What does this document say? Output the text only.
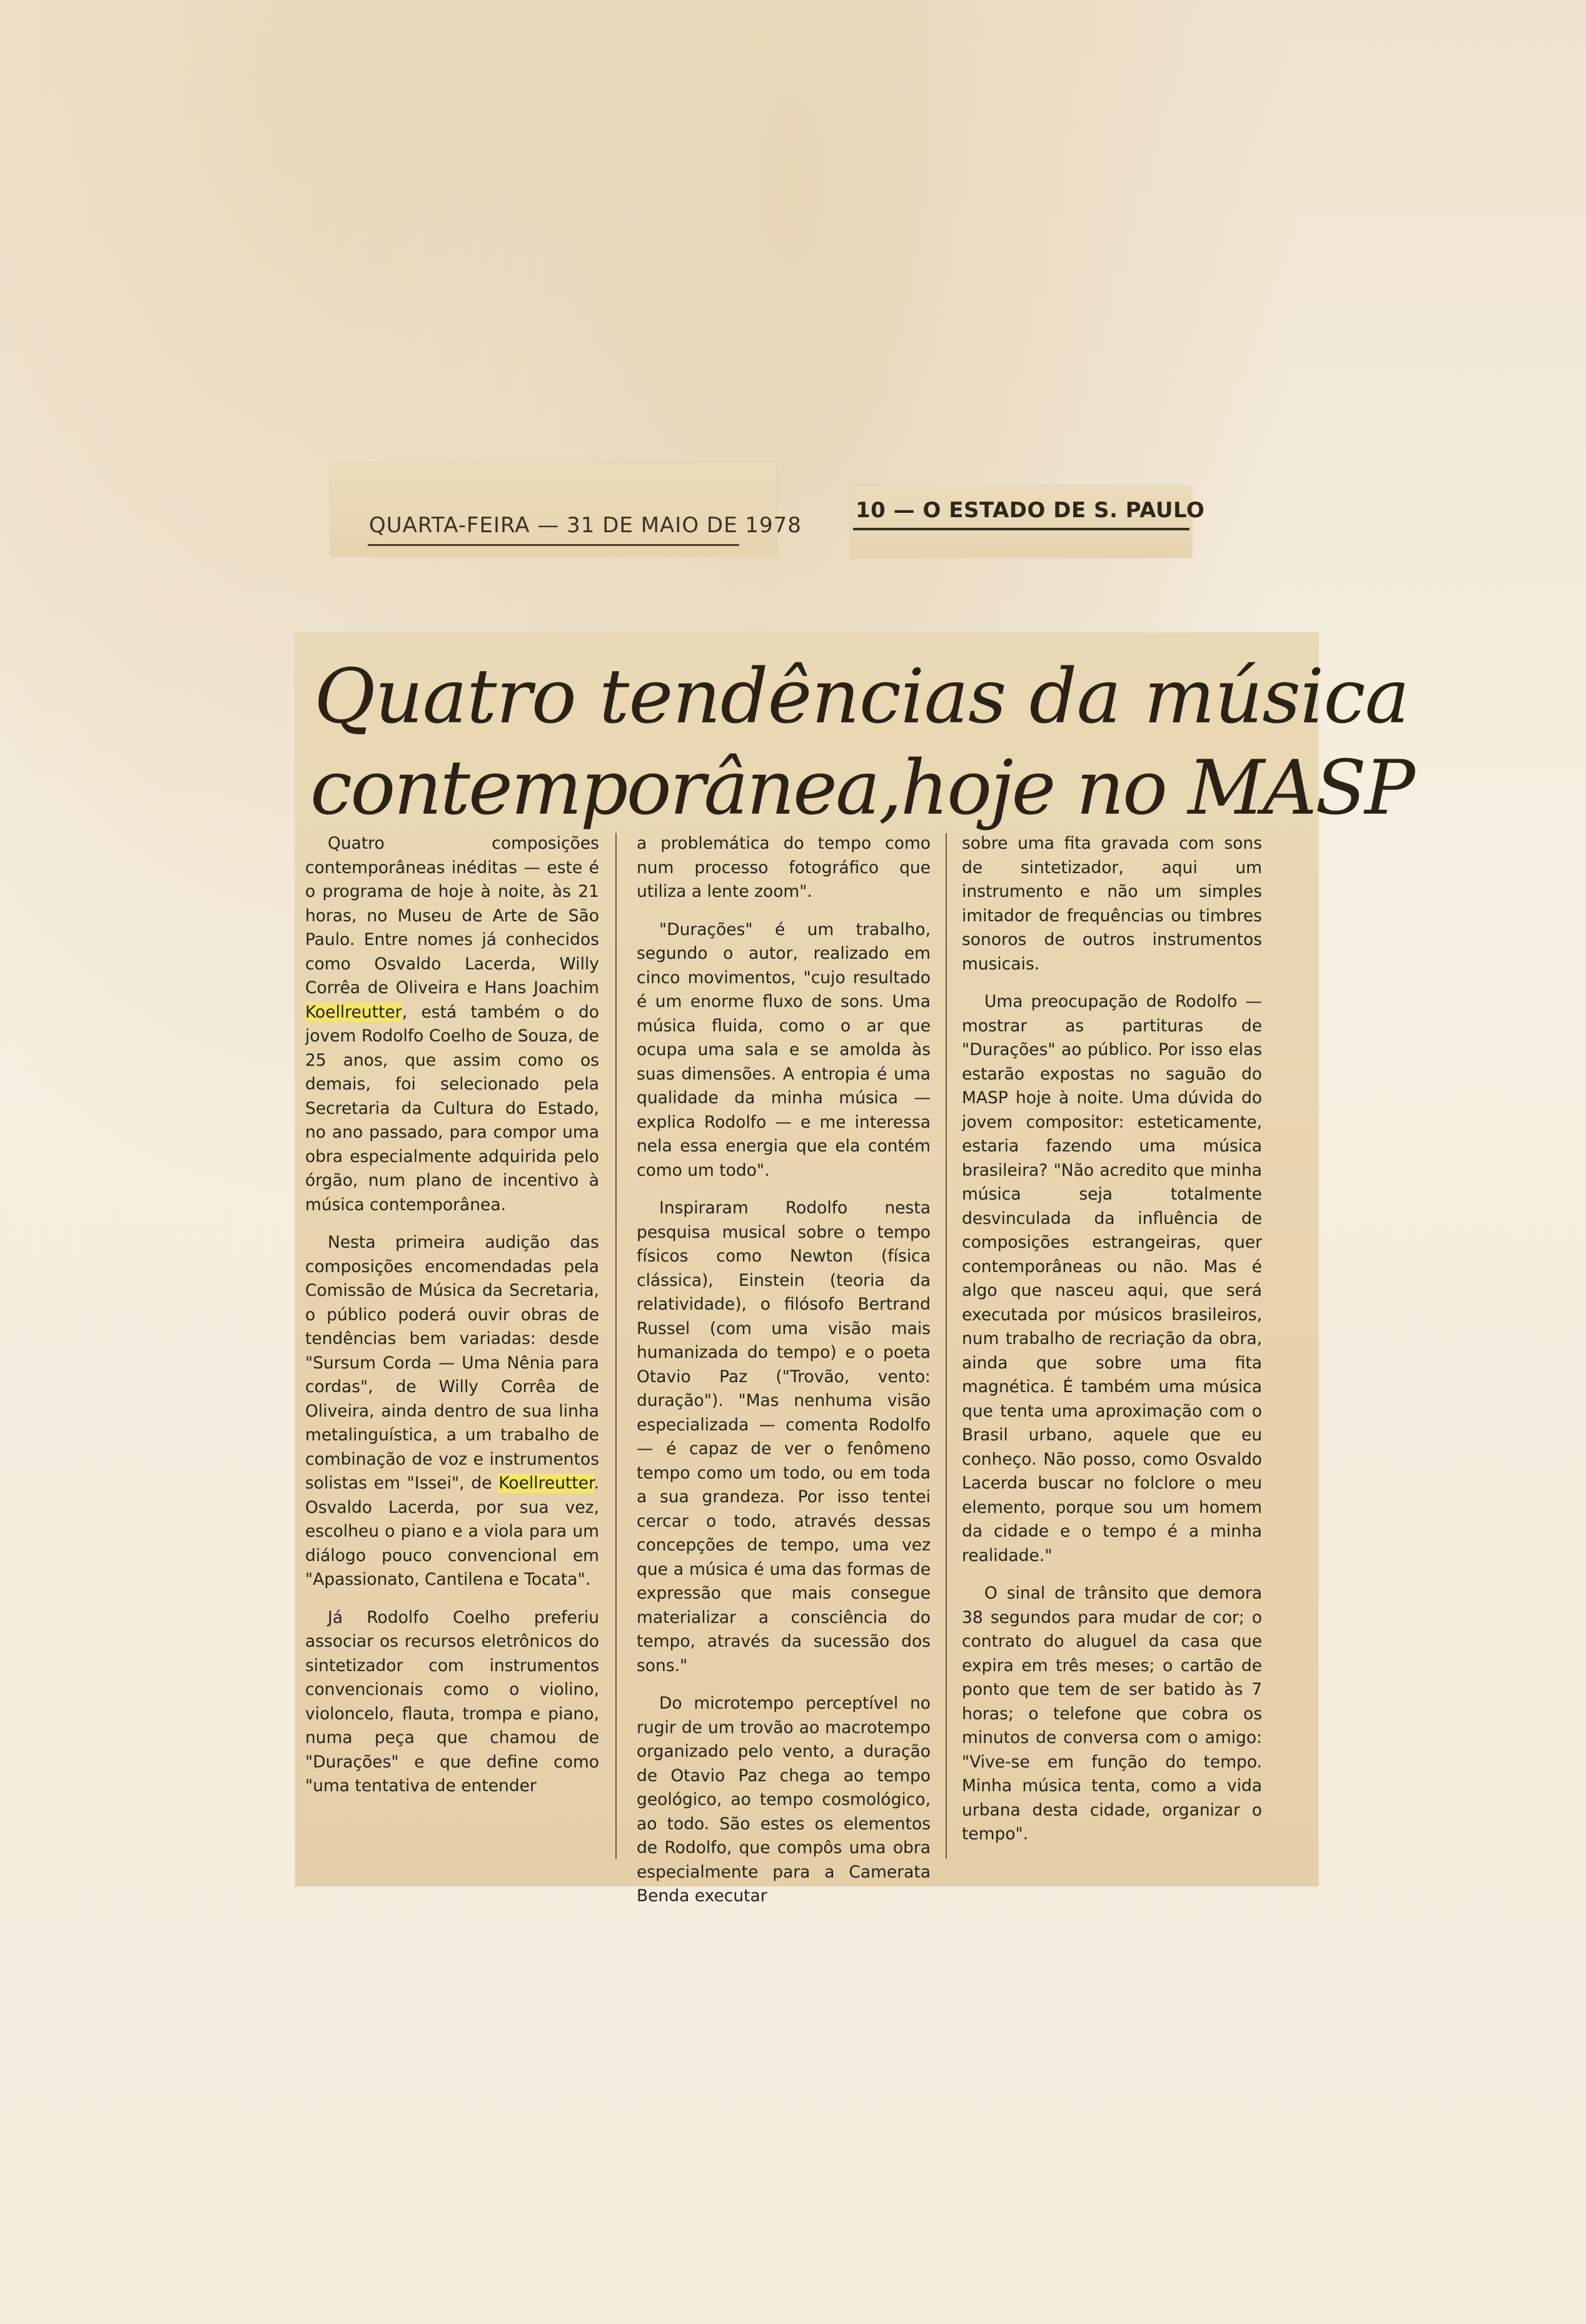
QUARTA-FEIRA — 31 DE MAIO DE 1978
10 — O ESTADO DE S. PAULO
Quatro tendências da música
contemporânea,hoje no MASP

Quatro composições contemporâneas inéditas — este é o programa de hoje à noite, às 21 horas, no Museu de Arte de São Paulo. Entre nomes já conhecidos como Osvaldo Lacerda, Willy Corrêa de Oliveira e Hans Joachim Koellreutter, está também o do jovem Rodolfo Coelho de Souza, de 25 anos, que assim como os demais, foi selecionado pela Secretaria da Cultura do Estado, no ano passado, para compor uma obra especialmente adquirida pelo órgão, num plano de incentivo à música contemporânea.

Nesta primeira audição das composições encomendadas pela Comissão de Música da Secretaria, o público poderá ouvir obras de tendências bem variadas: desde "Sursum Corda — Uma Nênia para cordas", de Willy Corrêa de Oliveira, ainda dentro de sua linha metalinguística, a um trabalho de combinação de voz e instrumentos solistas em "Issei", de Koellreutter. Osvaldo Lacerda, por sua vez, escolheu o piano e a viola para um diálogo pouco convencional em "Apassionato, Cantilena e Tocata".

Já Rodolfo Coelho preferiu associar os recursos eletrônicos do sintetizador com instrumentos convencionais como o violino, violoncelo, flauta, trompa e piano, numa peça que chamou de "Durações" e que define como "uma tentativa de entender

a problemática do tempo como num processo fotográfico que utiliza a lente zoom".

"Durações" é um trabalho, segundo o autor, realizado em cinco movimentos, "cujo resultado é um enorme fluxo de sons. Uma música fluida, como o ar que ocupa uma sala e se amolda às suas dimensões. A entropia é uma qualidade da minha música — explica Rodolfo — e me interessa nela essa energia que ela contém como um todo".

Inspiraram Rodolfo nesta pesquisa musical sobre o tempo físicos como Newton (física clássica), Einstein (teoria da relatividade), o filósofo Bertrand Russel (com uma visão mais humanizada do tempo) e o poeta Otavio Paz ("Trovão, vento: duração"). "Mas nenhuma visão especializada — comenta Rodolfo — é capaz de ver o fenômeno tempo como um todo, ou em toda a sua grandeza. Por isso tentei cercar o todo, através dessas concepções de tempo, uma vez que a música é uma das formas de expressão que mais consegue materializar a consciência do tempo, através da sucessão dos sons."

Do microtempo perceptível no rugir de um trovão ao macrotempo organizado pelo vento, a duração de Otavio Paz chega ao tempo geológico, ao tempo cosmológico, ao todo. São estes os elementos de Rodolfo, que compôs uma obra especialmente para a Camerata Benda executar

sobre uma fita gravada com sons de sintetizador, aqui um instrumento e não um simples imitador de frequências ou timbres sonoros de outros instrumentos musicais.

Uma preocupação de Rodolfo — mostrar as partituras de "Durações" ao público. Por isso elas estarão expostas no saguão do MASP hoje à noite. Uma dúvida do jovem compositor: esteticamente, estaria fazendo uma música brasileira? "Não acredito que minha música seja totalmente desvinculada da influência de composições estrangeiras, quer contemporâneas ou não. Mas é algo que nasceu aqui, que será executada por músicos brasileiros, num trabalho de recriação da obra, ainda que sobre uma fita magnética. É também uma música que tenta uma aproximação com o Brasil urbano, aquele que eu conheço. Não posso, como Osvaldo Lacerda buscar no folclore o meu elemento, porque sou um homem da cidade e o tempo é a minha realidade."

O sinal de trânsito que demora 38 segundos para mudar de cor; o contrato do aluguel da casa que expira em três meses; o cartão de ponto que tem de ser batido às 7 horas; o telefone que cobra os minutos de conversa com o amigo: "Vive-se em função do tempo. Minha música tenta, como a vida urbana desta cidade, organizar o tempo".
